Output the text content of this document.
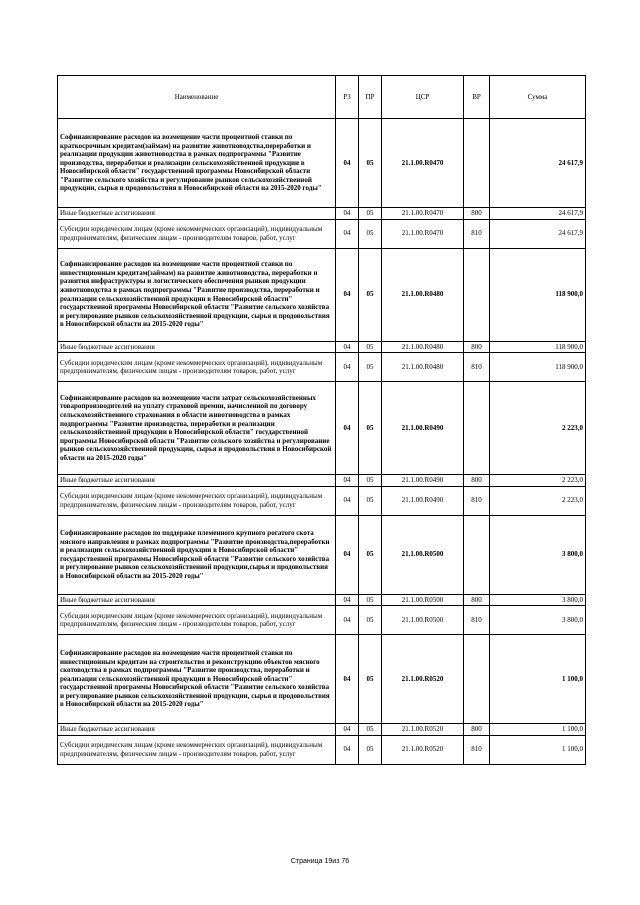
Наименование	РЗ	ПР	ЦСР	ВР	Сумма
Софинансирование расходов на возмещение части процентной ставки по краткосрочным кредитам(займам) на развитие животноводства,переработки и реализации продукции животноводства в рамках подпрограммы "Развитие производства, переработки и реализации сельскохозяйственной продукции в Новосибирской области" государственной программы Новосибирской области "Развитие сельского хозяйства и регулирование рынков сельскохозяйственной продукции, сырья и продовольствия в Новосибирской области на 2015-2020 годы"	04	05	21.1.00.R0470		24 617,9
Иные бюджетные ассигнования	04	05	21.1.00.R0470	800	24 617,9
Субсидии юридическим лицам (кроме некоммерческих организаций), индивидуальным предпринимателям, физическим лицам - производителям товаров, работ, услуг	04	05	21.1.00.R0470	810	24 617,9
Софинансирование расходов на возмещение части процентной ставки по инвестиционным кредитам(займам) на развитие животноводства, переработки и развития инфраструктуры и логистического обеспечения рынков продукции животноводства в рамках подпрограммы "Развитие производства, переработки и реализации сельскохозяйственной продукции в Новосибирской области" государственной программы Новосибирской области "Развитие сельского хозяйства и регулирование рынков сельскохозяйственной продукции, сырья и продовольствия в Новосибирской области на 2015-2020 годы"	04	05	21.1.00.R0480		118 900,0
Иные бюджетные ассигнования	04	05	21.1.00.R0480	800	118 900,0
Субсидии юридическим лицам (кроме некоммерческих организаций), индивидуальным предпринимателям, физическим лицам - производителям товаров, работ, услуг	04	05	21.1.00.R0480	810	118 900,0
Софинансирование расходов на возмещение части затрат сельскохозяйственных товаропроизводителей на уплату страховой премии, начисленной по договору сельскохозяйственного страхования в области животноводства в рамках подпрограммы "Развитие производства, переработки и реализации сельскохозяйственной продукции в Новосибирской области" государственной программы Новосибирской области "Развитие сельского хозяйства и регулирование рынков сельскохозяйственной продукции, сырья и продовольствия в Новосибирской области на 2015-2020 годы"	04	05	21.1.00.R0490		2 223,0
Иные бюджетные ассигнования	04	05	21.1.00.R0490	800	2 223,0
Субсидии юридическим лицам (кроме некоммерческих организаций), индивидуальным предпринимателям, физическим лицам - производителям товаров, работ, услуг	04	05	21.1.00.R0490	810	2 223,0
Софинансирование расходов по поддержке племенного крупного рогатого скота мясного направления в рамках подпрограммы "Развитие производства,переработки и реализации сельскохозяйственной продукции в Новосибирской области" государственной программы Новосибирской области "Развитие сельского хозяйства и регулирование рынков сельскохозяйственной продукции,сырья и продовольствия в Новосибирской области на 2015-2020 годы"	04	05	21.1.00.R0500		3 800,0
Иные бюджетные ассигнования	04	05	21.1.00.R0500	800	3 800,0
Субсидии юридическим лицам (кроме некоммерческих организаций), индивидуальным предпринимателям, физическим лицам - производителям товаров, работ, услуг	04	05	21.1.00.R0500	810	3 800,0
Софинансирование расходов на возмещение части процентной ставки по инвестиционным кредитам на строительство и реконструкцию объектов мясного скотоводства в рамках подпрограммы "Развитие производства, переработки и реализации сельскохозяйственной продукции в Новосибирской области" государственной программы Новосибирской области "Развитие сельского хозяйства и регулирование рынков сельскохозяйственной продукции, сырья и продовольствия в Новосибирской области на 2015-2020 годы"	04	05	21.1.00.R0520		1 100,0
Иные бюджетные ассигнования	04	05	21.1.00.R0520	800	1 100,0
Субсидии юридическим лицам (кроме некоммерческих организаций), индивидуальным предпринимателям, физическим лицам - производителям товаров, работ, услуг	04	05	21.1.00.R0520	810	1 100,0
Страница 19из 76
